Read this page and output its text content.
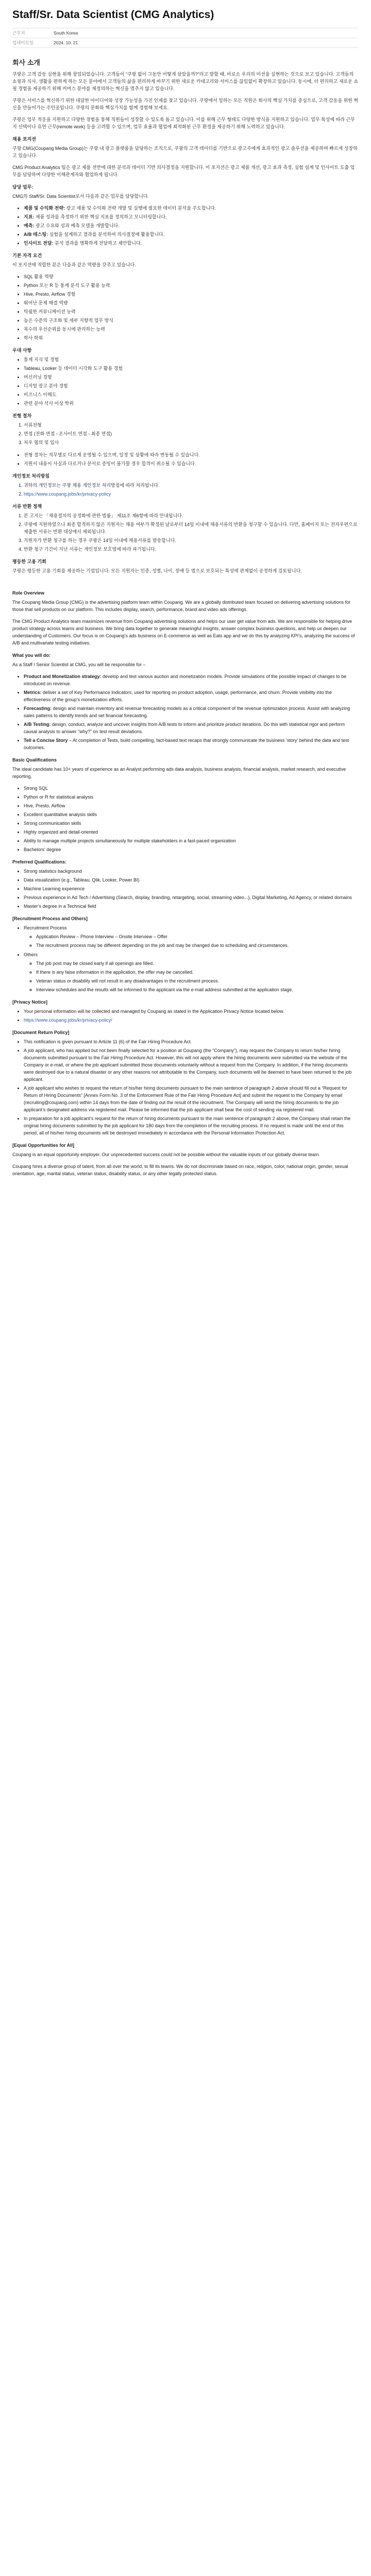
Staff/Sr. Data Scientist (CMG Analytics)
근무지	South Korea
업데이트일	2024. 10. 21
회사 소개

쿠팡은 고객 감동 실현을 위해 창업되었습니다. 고객들이 “쿠팡 없이 그동안 어떻게 살았을까?”라고 말할 때, 비로소 우리의 미션을 실현하는 것으로 보고 있습니다. 고객들의 쇼핑과 식사, 생활을 편하게 하는 모든 분야에서 고객들의 삶을 편리하게 바꾸기 위한 새로운 카테고리와 서비스를 끊임없이 확장하고 있습니다. 동시에, 더 편리하고 새로운 쇼핑 경험을 제공하기 위해 커머스 분야를 재정의하는 혁신을 멈추지 않고 있습니다.

쿠팡은 서비스를 혁신하기 위한 대담한 아이디어와 성장 가능성을 가진 인재를 찾고 있습니다. 쿠팡에서 일하는 모든 직원은 회사의 핵심 가치를 중심으로, 고객 감동을 위한 혁신을 만들어가는 주인공입니다. 쿠팡의 문화와 핵심가치를 함께 경험해 보세요.

쿠팡은 업무 적응을 지원하고 다양한 경험을 통해 직원들이 성장할 수 있도록 돕고 있습니다. 이를 위해 근무 형태도 다양한 방식을 지원하고 있습니다. 업무 특성에 따라 근무지 선택이나 유연 근무(remote work) 등을 고려할 수 있으며, 업무 효율과 협업에 최적화된 근무 환경을 제공하기 위해 노력하고 있습니다.

채용 포지션

쿠팡 CMG(Coupang Media Group)는 쿠팡 내 광고 플랫폼을 담당하는 조직으로, 쿠팡의 고객 데이터를 기반으로 광고주에게 효과적인 광고 솔루션을 제공하며 빠르게 성장하고 있습니다.

CMG Product Analytics 팀은 광고 제품 전반에 대한 분석과 데이터 기반 의사결정을 지원합니다. 이 포지션은 광고 제품 개선, 광고 효과 측정, 실험 설계 및 인사이트 도출 업무를 담당하며 다양한 이해관계자와 협업하게 됩니다.

담당 업무:

CMG의 Staff/Sr. Data Scientist로서 다음과 같은 업무를 담당합니다.

• 제품 및 수익화 전략: 광고 제품 및 수익화 전략 개발 및 실행에 필요한 데이터 분석을 주도합니다.
• 지표: 제품 성과를 측정하기 위한 핵심 지표를 정의하고 모니터링합니다.
• 예측: 광고 수요와 성과 예측 모델을 개발합니다.
• A/B 테스팅: 실험을 설계하고 결과를 분석하여 의사결정에 활용합니다.
• 인사이트 전달: 분석 결과를 명확하게 전달하고 제안합니다.
기본 자격 요건

이 포지션에 적합한 분은 다음과 같은 역량을 갖추고 있습니다.

• SQL 활용 역량
• Python 또는 R 등 통계 분석 도구 활용 능력
• Hive, Presto, Airflow 경험
• 뛰어난 문제 해결 역량
• 탁월한 커뮤니케이션 능력
• 높은 수준의 구조화 및 세부 지향적 업무 방식
• 복수의 우선순위를 동시에 관리하는 능력
• 학사 학위
우대 사항
• 통계 지식 및 경험
• Tableau, Looker 등 데이터 시각화 도구 활용 경험
• 머신러닝 경험
• 디지털 광고 분야 경험
• 비즈니스 이해도
• 관련 분야 석사 이상 학위
전형 절차
1. 서류전형
2. 면접 (전화 면접 - 온사이트 면접 - 최종 면접)
3. 처우 협의 및 입사
• 전형 절차는 직무별로 다르게 운영될 수 있으며, 일정 및 상황에 따라 변동될 수 있습니다.
• 지원서 내용이 사실과 다르거나 문서로 증빙이 불가할 경우 합격이 취소될 수 있습니다.
개인정보 처리방침
1. 귀하의 개인정보는 쿠팡 채용 개인정보 처리방침에 따라 처리됩니다.
2. https://www.coupang.jobs/kr/privacy-policy
서류 반환 정책
1. 본 고지는 「채용절차의 공정화에 관한 법률」 제11조 제6항에 따라 안내됩니다.
2. 쿠팡에 지원하였으나 최종 합격하지 않은 지원자는 채용 여부가 확정된 날로부터 14일 이내에 채용서류의 반환을 청구할 수 있습니다. 다만, 홈페이지 또는 전자우편으로 제출한 서류는 반환 대상에서 제외됩니다.
3. 지원자가 반환 청구를 하는 경우 쿠팡은 14일 이내에 채용서류를 발송합니다.
4. 반환 청구 기간이 지난 서류는 개인정보 보호법에 따라 파기됩니다.
평등한 고용 기회

쿠팡은 평등한 고용 기회를 제공하는 기업입니다. 모든 지원자는 인종, 성별, 나이, 장애 등 법으로 보호되는 특성에 관계없이 공정하게 검토됩니다.

Role Overview

The Coupang Media Group (CMG) is the advertising platform team within Coupang. We are a globally distributed team focused on delivering advertising solutions for those that sell products on our platform. This includes display, search, performance, brand and video ads offerings.

The CMG Product Analytics team maximizes revenue from Coupang advertising solutions and helps our user get value from ads. We are responsible for helping drive product strategy across teams and business. We bring data together to generate meaningful insights, answer complex business questions, and help us deepen our understanding of Customers. Our focus is on Coupang’s ads business on E-commerce as well as Eats app and we do this by analyzing KPI’s, analyzing the success of A/B and multivariate testing initiatives.

What you will do:

As a Staff / Senior Scientist at CMG, you will be responsible for –

• Product and Monetization strategy: develop and test various auction and monetization models. Provide simulations of the possible impact of changes to be introduced on revenue.
• Metrics: deliver a set of Key Performance Indicators, used for reporting on product adoption, usage, performance, and churn. Provide visibility into the effectiveness of the group’s monetization efforts.
• Forecasting: design and maintain inventory and revenue forecasting models as a critical component of the revenue optimization process. Assist with analyzing sales patterns to identify trends and set financial forecasting.
• A/B Testing: design, conduct, analyze and uncover insights from A/B tests to inform and prioritize product iterations. Do this with statistical rigor and perform causal analysis to answer “why?” on test result deviations.
• Tell a Concise Story – At completion of Tests, build compelling, fact-based text recaps that strongly communicate the business ‘story’ behind the data and test outcomes.
Basic Qualifications

The ideal candidate has 10+ years of experience as an Analyst performing ads data analysis, business analysis, financial analysis, market research, and executive reporting.

• Strong SQL
• Python or R for statistical analysis
• Hive, Presto, Airflow
• Excellent quantitative analysis skills
• Strong communication skills
• Highly organized and detail-oriented
• Ability to manage multiple projects simultaneously for multiple stakeholders in a fast-paced organization
• Bachelors’ degree
Preferred Qualifications:
• Strong statistics background
• Data visualization (e.g., Tableau, Qlik, Looker, Power BI)
• Machine Learning experience
• Previous experience in Ad Tech / Advertising (Search, display, branding, retargeting, social, streaming video...), Digital Marketing, Ad Agency, or related domains
• Master’s degree in a Technical field
[Recruitment Process and Others]
• Recruitment Process
◦ Application Review – Phone Interview – Onsite Interview – Offer
◦ The recruitment process may be different depending on the job and may be changed due to scheduling and circumstances.
• Others
◦ The job post may be closed early if all openings are filled.
◦ If there is any false information in the application, the offer may be cancelled.
◦ Veteran status or disability will not result in any disadvantages in the recruitment process.
◦ Interview schedules and the results will be informed to the applicant via the e-mail address submitted at the application stage.
[Privacy Notice]
• Your personal information will be collected and managed by Coupang as stated in the Application Privacy Notice located below.
• https://www.coupang.jobs/kr/privacy-policy/
[Document Return Policy]
• This notification is given pursuant to Article 11 (6) of the Fair Hiring Procedure Act.
• A job applicant, who has applied but not been finally selected for a position at Coupang (the “Company”), may request the Company to return his/her hiring documents submitted pursuant to the Fair Hiring Procedure Act. However, this will not apply where the hiring documents were submitted via the website of the Company or e-mail, or where the job applicant submitted those documents voluntarily without a request from the Company. In addition, if the hiring documents were destroyed due to a natural disaster or any other reasons not attributable to the Company, such documents will be deemed to have been returned to the job applicant.
• A job applicant who wishes to request the return of his/her hiring documents pursuant to the main sentence of paragraph 2 above should fill out a “Request for Return of Hiring Documents” [Annex Form No. 3 of the Enforcement Rule of the Fair Hiring Procedure Act] and submit the request to the Company by email (recruiting@coupang.com) within 14 days from the date of finding out the result of the recruitment. The Company will send the hiring documents to the job applicant’s designated address via registered mail. Please be informed that the job applicant shall bear the cost of sending via registered mail.
• In preparation for a job applicant’s request for the return of hiring documents pursuant to the main sentence of paragraph 2 above, the Company shall retain the original hiring documents submitted by the job applicant for 180 days from the completion of the recruiting process. If no request is made until the end of this period, all of his/her hiring documents will be destroyed immediately in accordance with the Personal Information Protection Act.
[Equal Opportunities for All]

Coupang is an equal opportunity employer. Our unprecedented success could not be possible without the valuable inputs of our globally diverse team.

Coupang hires a diverse group of talent, from all over the world, to fill its teams. We do not discriminate based on race, religion, color, national origin, gender, sexual orientation, age, marital status, veteran status, disability status, or any other legally protected status.
